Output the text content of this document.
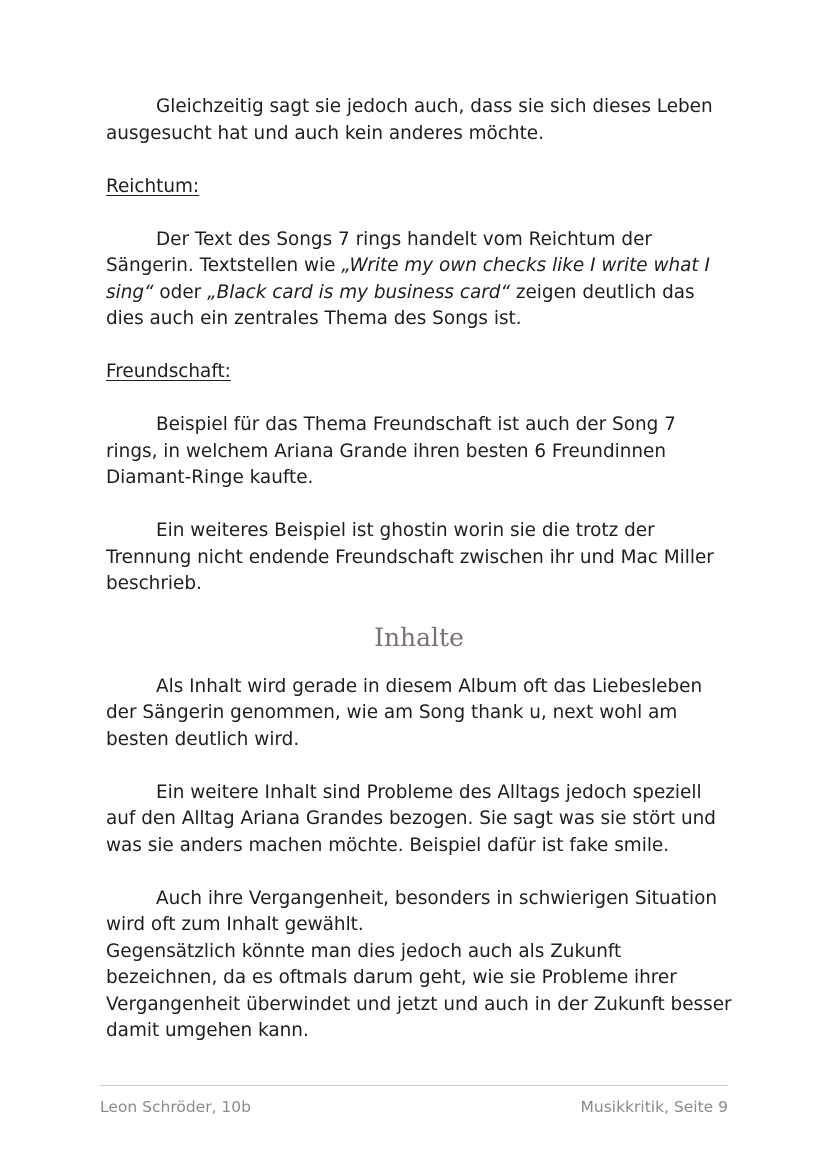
Gleichzeitig sagt sie jedoch auch, dass sie sich dieses Leben ausgesucht hat und auch kein anderes möchte.

Reichtum:

Der Text des Songs 7 rings handelt vom Reichtum der Sängerin. Textstellen wie „Write my own checks like I write what I sing“ oder „Black card is my business card“ zeigen deutlich das dies auch ein zentrales Thema des Songs ist.

Freundschaft:

Beispiel für das Thema Freundschaft ist auch der Song 7 rings, in welchem Ariana Grande ihren besten 6 Freundinnen Diamant-Ringe kaufte.

Ein weiteres Beispiel ist ghostin worin sie die trotz der Trennung nicht endende Freundschaft zwischen ihr und Mac Miller beschrieb.

Inhalte

Als Inhalt wird gerade in diesem Album oft das Liebesleben der Sängerin genommen, wie am Song thank u, next wohl am besten deutlich wird.

Ein weitere Inhalt sind Probleme des Alltags jedoch speziell auf den Alltag Ariana Grandes bezogen. Sie sagt was sie stört und was sie anders machen möchte. Beispiel dafür ist fake smile.

Auch ihre Vergangenheit, besonders in schwierigen Situation wird oft zum Inhalt gewählt.

Gegensätzlich könnte man dies jedoch auch als Zukunft bezeichnen, da es oftmals darum geht, wie sie Probleme ihrer Vergangenheit überwindet und jetzt und auch in der Zukunft besser damit umgehen kann.

Leon Schröder, 10b	Musikkritik, Seite 9
